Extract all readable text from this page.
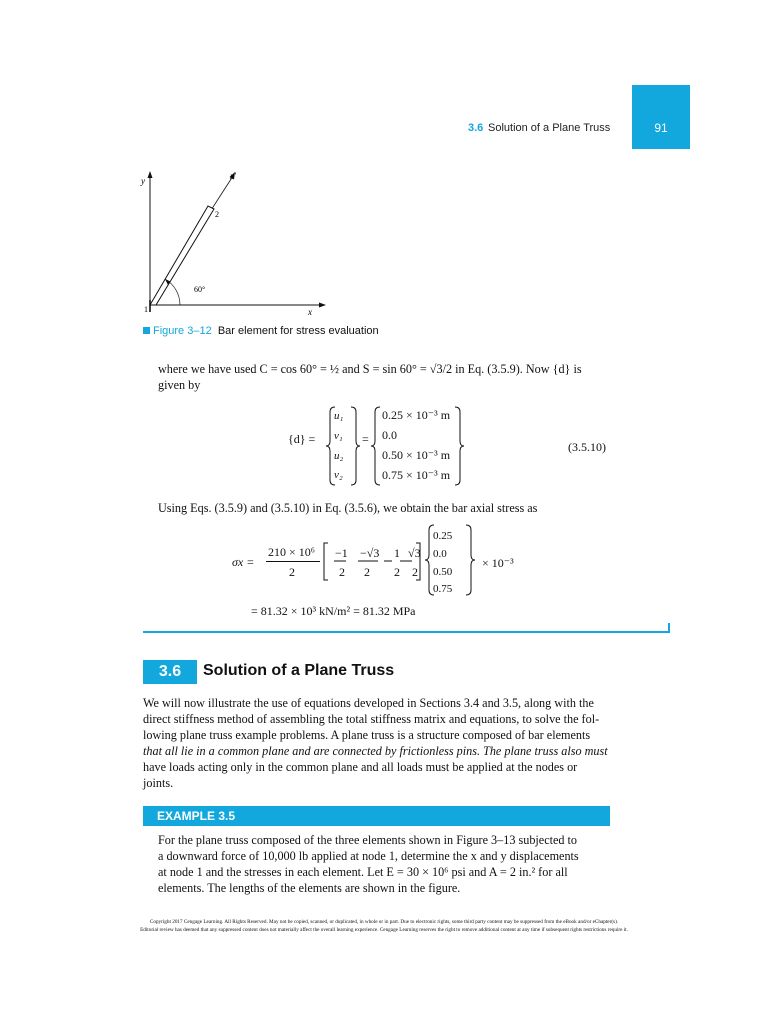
3.6 Solution of a Plane Truss	91
y	x′
x
2
1
60°
Figure 3–12 Bar element for stress evaluation
where we have used C = cos 60° = ½ and S = sin 60° = √3/2 in Eq. (3.5.9). Now {d} is
given by
{d} =
u₁
v₁
u₂
v₂
=
0.25 × 10⁻³ m
0.0
0.50 × 10⁻³ m
0.75 × 10⁻³ m
(3.5.10)
Using Eqs. (3.5.9) and (3.5.10) in Eq. (3.5.6), we obtain the bar axial stress as
σx =
210 × 10⁶
2
−1 −√3 1 √3
2 2 2 2
0.25
0.0
0.50
0.75
× 10⁻³
= 81.32 × 10³ kN/m² = 81.32 MPa
3.6	Solution of a Plane Truss
We will now illustrate the use of equations developed in Sections 3.4 and 3.5, along with the
direct stiffness method of assembling the total stiffness matrix and equations, to solve the fol-
lowing plane truss example problems. A plane truss is a structure composed of bar elements
that all lie in a common plane and are connected by frictionless pins. The plane truss also must
have loads acting only in the common plane and all loads must be applied at the nodes or joints.
EXAMPLE 3.5
For the plane truss composed of the three elements shown in Figure 3–13 subjected to
a downward force of 10,000 lb applied at node 1, determine the x and y displacements
at node 1 and the stresses in each element. Let E = 30 × 10⁶ psi and A = 2 in.² for all
elements. The lengths of the elements are shown in the figure.
Copyright 2017 Cengage Learning. All Rights Reserved. May not be copied, scanned, or duplicated, in whole or in part. Due to electronic rights, some third party content may be suppressed from the eBook and/or eChapter(s).
Editorial review has deemed that any suppressed content does not materially affect the overall learning experience. Cengage Learning reserves the right to remove additional content at any time if subsequent rights restrictions require it.
